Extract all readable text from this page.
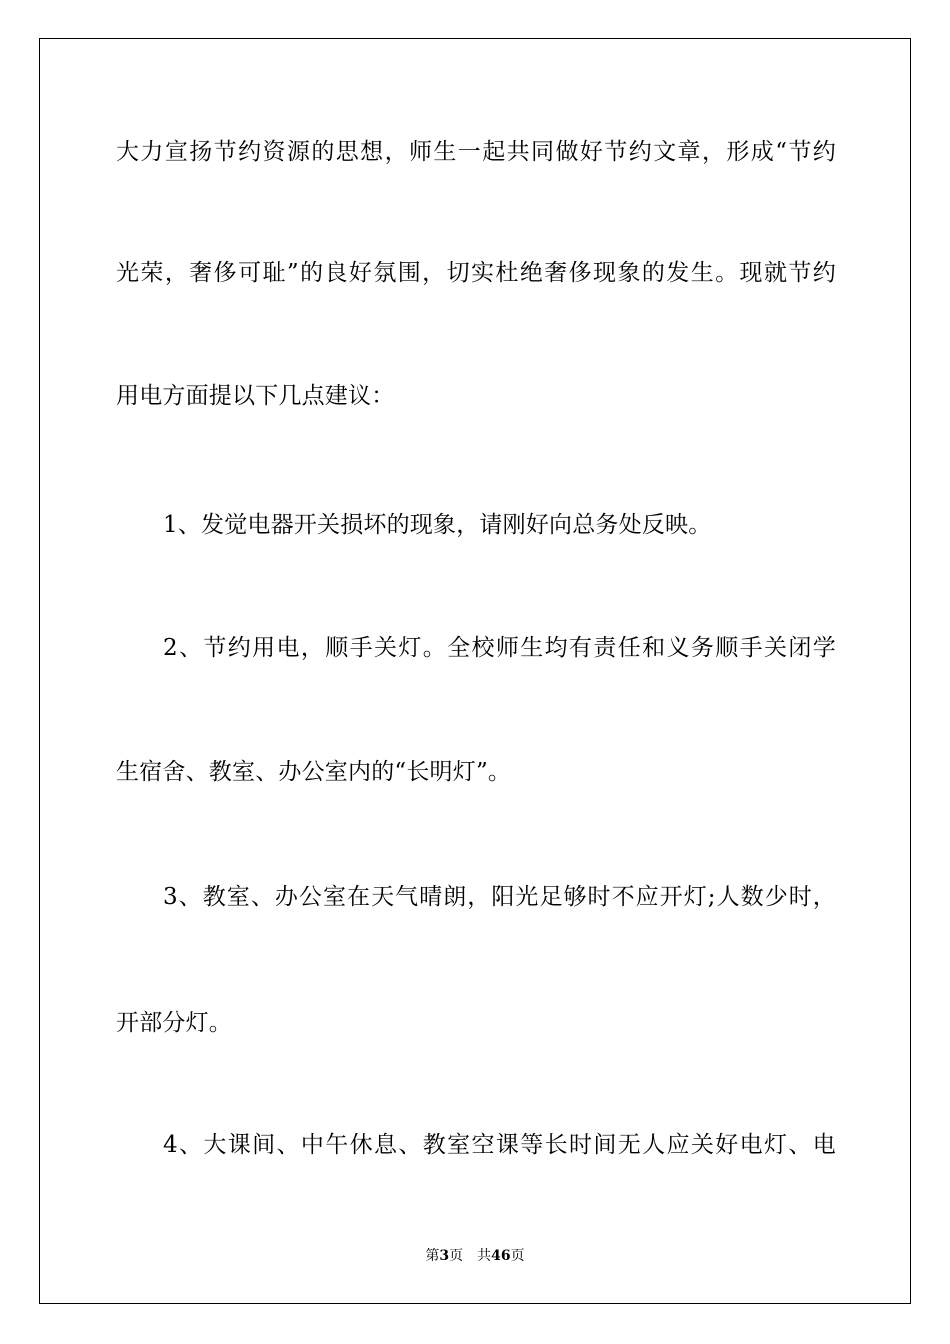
大力宣扬节约资源的思想，师生一起共同做好节约文章，形成“节约
光荣，奢侈可耻”的良好氛围，切实杜绝奢侈现象的发生。现就节约
用电方面提以下几点建议：
1、发觉电器开关损坏的现象，请刚好向总务处反映。
2、节约用电，顺手关灯。全校师生均有责任和义务顺手关闭学
生宿舍、教室、办公室内的“长明灯”。
3、教室、办公室在天气晴朗，阳光足够时不应开灯;人数少时，
开部分灯。
4、大课间、中午休息、教室空课等长时间无人应关好电灯、电
第3页 共46页
